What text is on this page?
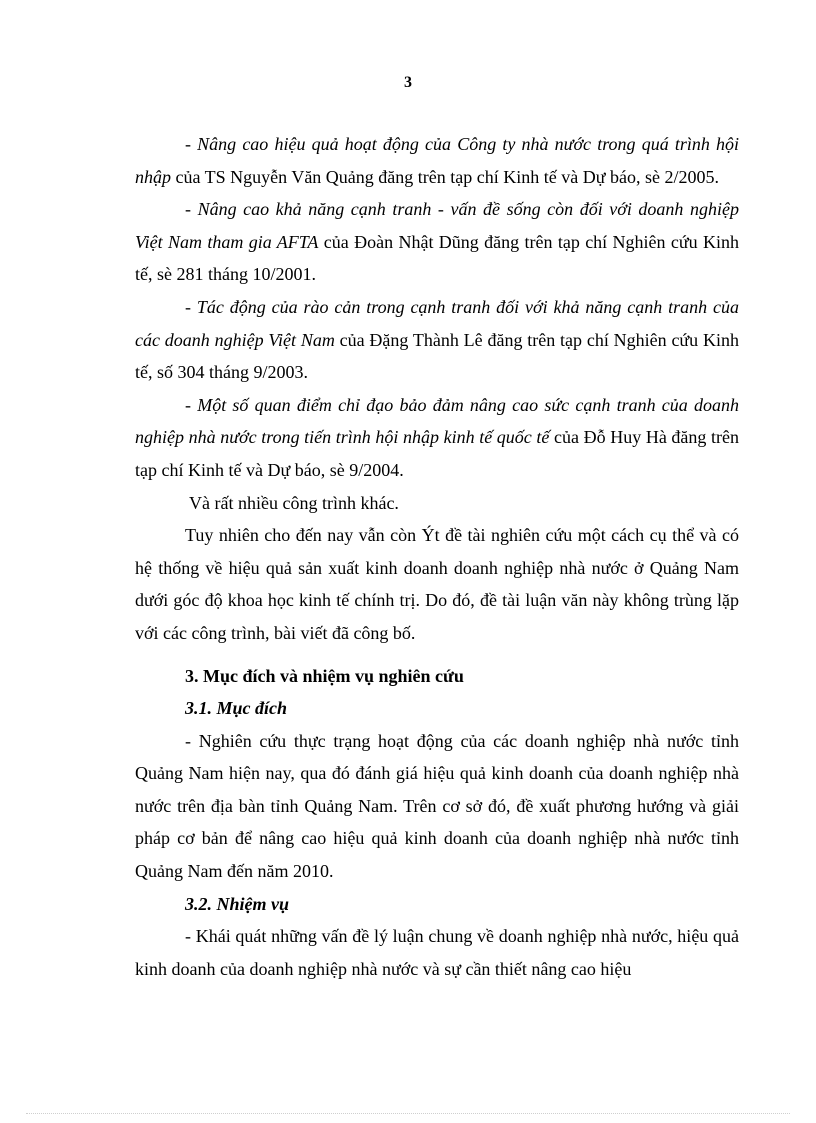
3

- Nâng cao hiệu quả hoạt động của Công ty nhà nước trong quá trình hội nhập của TS Nguyễn Văn Quảng đăng trên tạp chí Kinh tế và Dự báo, sè 2/2005.

- Nâng cao khả năng cạnh tranh - vấn đề sống còn đối với doanh nghiệp Việt Nam tham gia AFTA của Đoàn Nhật Dũng đăng trên tạp chí Nghiên cứu Kinh tế, sè 281 tháng 10/2001.

- Tác động của rào cản trong cạnh tranh đối với khả năng cạnh tranh của các doanh nghiệp Việt Nam của Đặng Thành Lê đăng trên tạp chí Nghiên cứu Kinh tế, số 304 tháng 9/2003.

- Một số quan điểm chỉ đạo bảo đảm nâng cao sức cạnh tranh của doanh nghiệp nhà nước trong tiến trình hội nhập kinh tế quốc tế của Đỗ Huy Hà đăng trên tạp chí Kinh tế và Dự báo, sè 9/2004.

Và rất nhiều công trình khác.

Tuy nhiên cho đến nay vẫn còn Ýt đề tài nghiên cứu một cách cụ thể và có hệ thống về hiệu quả sản xuất kinh doanh doanh nghiệp nhà nước ở Quảng Nam dưới góc độ khoa học kinh tế chính trị. Do đó, đề tài luận văn này không trùng lặp với các công trình, bài viết đã công bố.

3. Mục đích và nhiệm vụ nghiên cứu

3.1. Mục đích

- Nghiên cứu thực trạng hoạt động của các doanh nghiệp nhà nước tỉnh Quảng Nam hiện nay, qua đó đánh giá hiệu quả kinh doanh của doanh nghiệp nhà nước trên địa bàn tỉnh Quảng Nam. Trên cơ sở đó, đề xuất phương hướng và giải pháp cơ bản để nâng cao hiệu quả kinh doanh của doanh nghiệp nhà nước tỉnh Quảng Nam đến năm 2010.

3.2. Nhiệm vụ

- Khái quát những vấn đề lý luận chung về doanh nghiệp nhà nước, hiệu quả kinh doanh của doanh nghiệp nhà nước và sự cần thiết nâng cao hiệu
